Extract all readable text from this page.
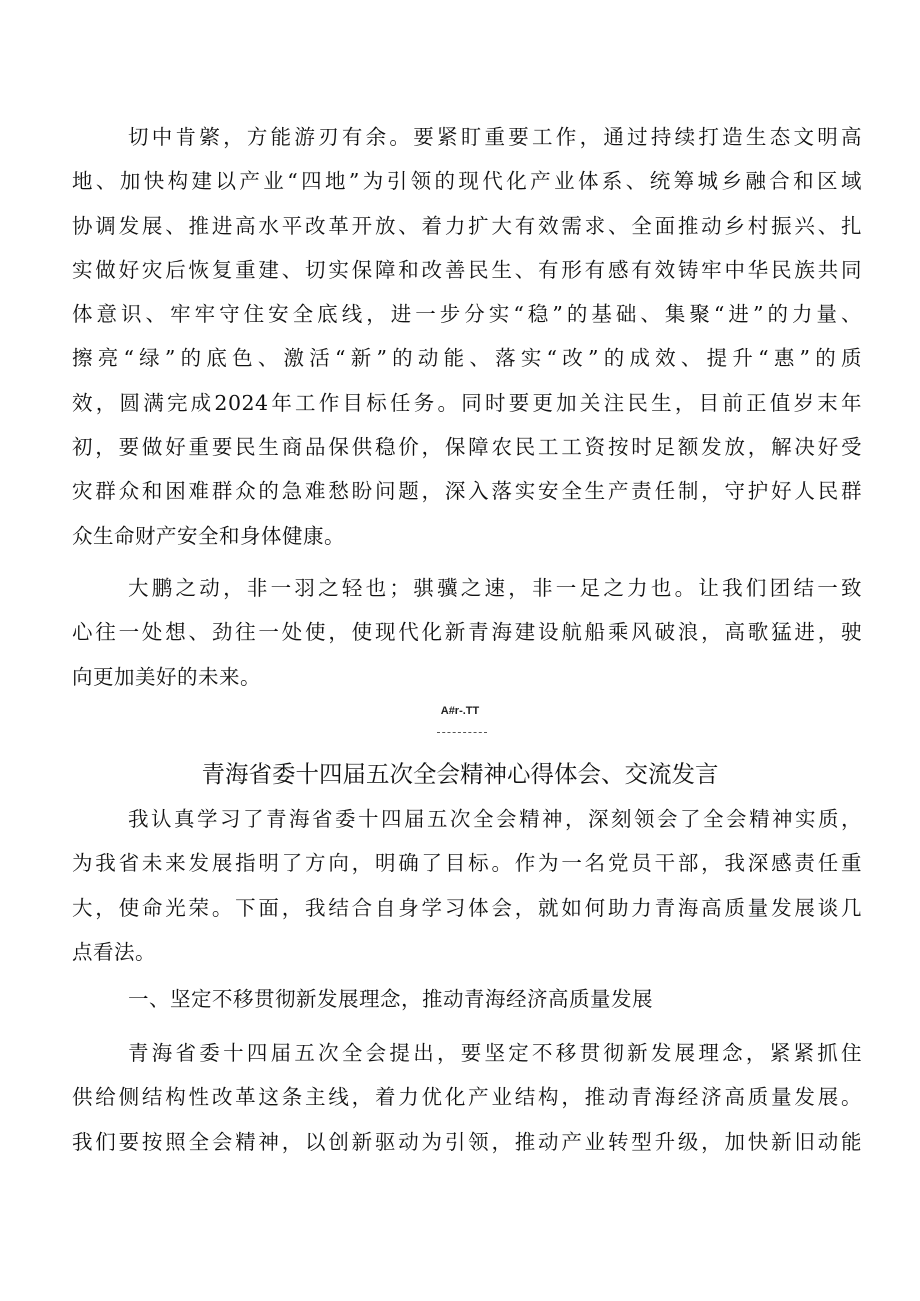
切中肯綮，方能游刃有余。要紧盯重要工作，通过持续打造生态文明高
地、加快构建以产业“四地”为引领的现代化产业体系、统筹城乡融合和区域
协调发展、推进高水平改革开放、着力扩大有效需求、全面推动乡村振兴、扎
实做好灾后恢复重建、切实保障和改善民生、有形有感有效铸牢中华民族共同
体意识、牢牢守住安全底线，进一步分实“稳”的基础、集聚“进”的力量、
擦亮“绿”的底色、激活“新”的动能、落实“改”的成效、提升“惠”的质
效，圆满完成2024年工作目标任务。同时要更加关注民生，目前正值岁末年
初，要做好重要民生商品保供稳价，保障农民工工资按时足额发放，解决好受
灾群众和困难群众的急难愁盼问题，深入落实安全生产责任制，守护好人民群
众生命财产安全和身体健康。
大鹏之动，非一羽之轻也；骐骥之速，非一足之力也。让我们团结一致
心往一处想、劲往一处使，使现代化新青海建设航船乘风破浪，高歌猛进，驶
向更加美好的未来。
A#r-.TT
青海省委十四届五次全会精神心得体会、交流发言
我认真学习了青海省委十四届五次全会精神，深刻领会了全会精神实质，
为我省未来发展指明了方向，明确了目标。作为一名党员干部，我深感责任重
大，使命光荣。下面，我结合自身学习体会，就如何助力青海高质量发展谈几
点看法。
一、坚定不移贯彻新发展理念，推动青海经济高质量发展
青海省委十四届五次全会提出，要坚定不移贯彻新发展理念，紧紧抓住
供给侧结构性改革这条主线，着力优化产业结构，推动青海经济高质量发展。
我们要按照全会精神，以创新驱动为引领，推动产业转型升级，加快新旧动能
